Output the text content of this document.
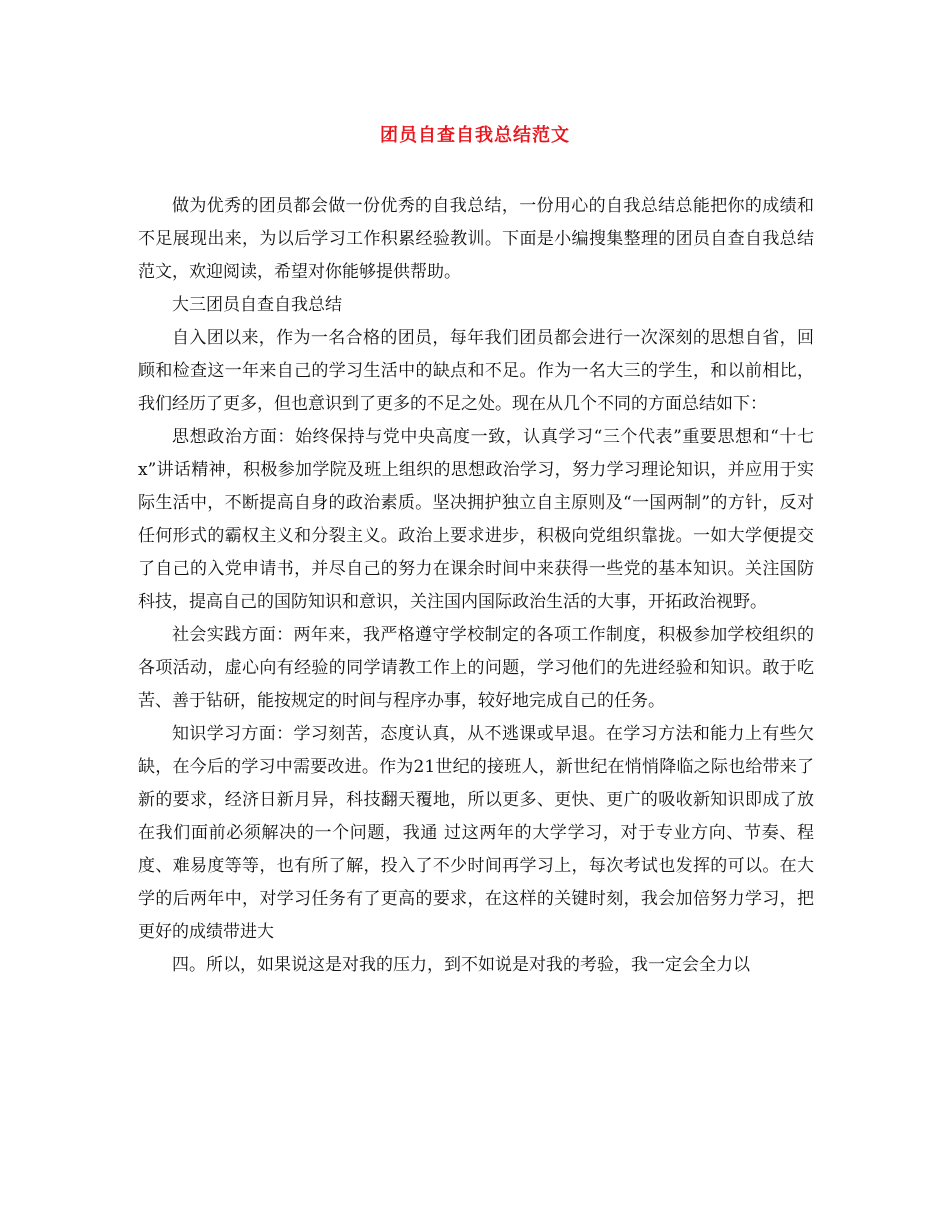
团员自查自我总结范文

做为优秀的团员都会做一份优秀的自我总结，一份用心的自我总结总能把你的成绩和不足展现出来，为以后学习工作积累经验教训。下面是小编搜集整理的团员自查自我总结范文，欢迎阅读，希望对你能够提供帮助。

大三团员自查自我总结

自入团以来，作为一名合格的团员，每年我们团员都会进行一次深刻的思想自省，回顾和检查这一年来自己的学习生活中的缺点和不足。作为一名大三的学生，和以前相比，我们经历了更多，但也意识到了更多的不足之处。现在从几个不同的方面总结如下：

思想政治方面：始终保持与党中央高度一致，认真学习“三个代表”重要思想和“十七x”讲话精神，积极参加学院及班上组织的思想政治学习，努力学习理论知识，并应用于实际生活中，不断提高自身的政治素质。坚决拥护独立自主原则及“一国两制”的方针，反对任何形式的霸权主义和分裂主义。政治上要求进步，积极向党组织靠拢。一如大学便提交了自己的入党申请书，并尽自己的努力在课余时间中来获得一些党的基本知识。关注国防科技，提高自己的国防知识和意识，关注国内国际政治生活的大事，开拓政治视野。

社会实践方面：两年来，我严格遵守学校制定的各项工作制度，积极参加学校组织的各项活动，虚心向有经验的同学请教工作上的问题，学习他们的先进经验和知识。敢于吃苦、善于钻研，能按规定的时间与程序办事，较好地完成自己的任务。

知识学习方面：学习刻苦，态度认真，从不逃课或早退。在学习方法和能力上有些欠缺，在今后的学习中需要改进。作为21世纪的接班人，新世纪在悄悄降临之际也给带来了新的要求，经济日新月异，科技翻天覆地，所以更多、更快、更广的吸收新知识即成了放在我们面前必须解决的一个问题，我通 过这两年的大学学习，对于专业方向、节奏、程度、难易度等等，也有所了解，投入了不少时间再学习上，每次考试也发挥的可以。在大学的后两年中，对学习任务有了更高的要求，在这样的关键时刻，我会加倍努力学习，把更好的成绩带进大

四。所以，如果说这是对我的压力，到不如说是对我的考验，我一定会全力以
